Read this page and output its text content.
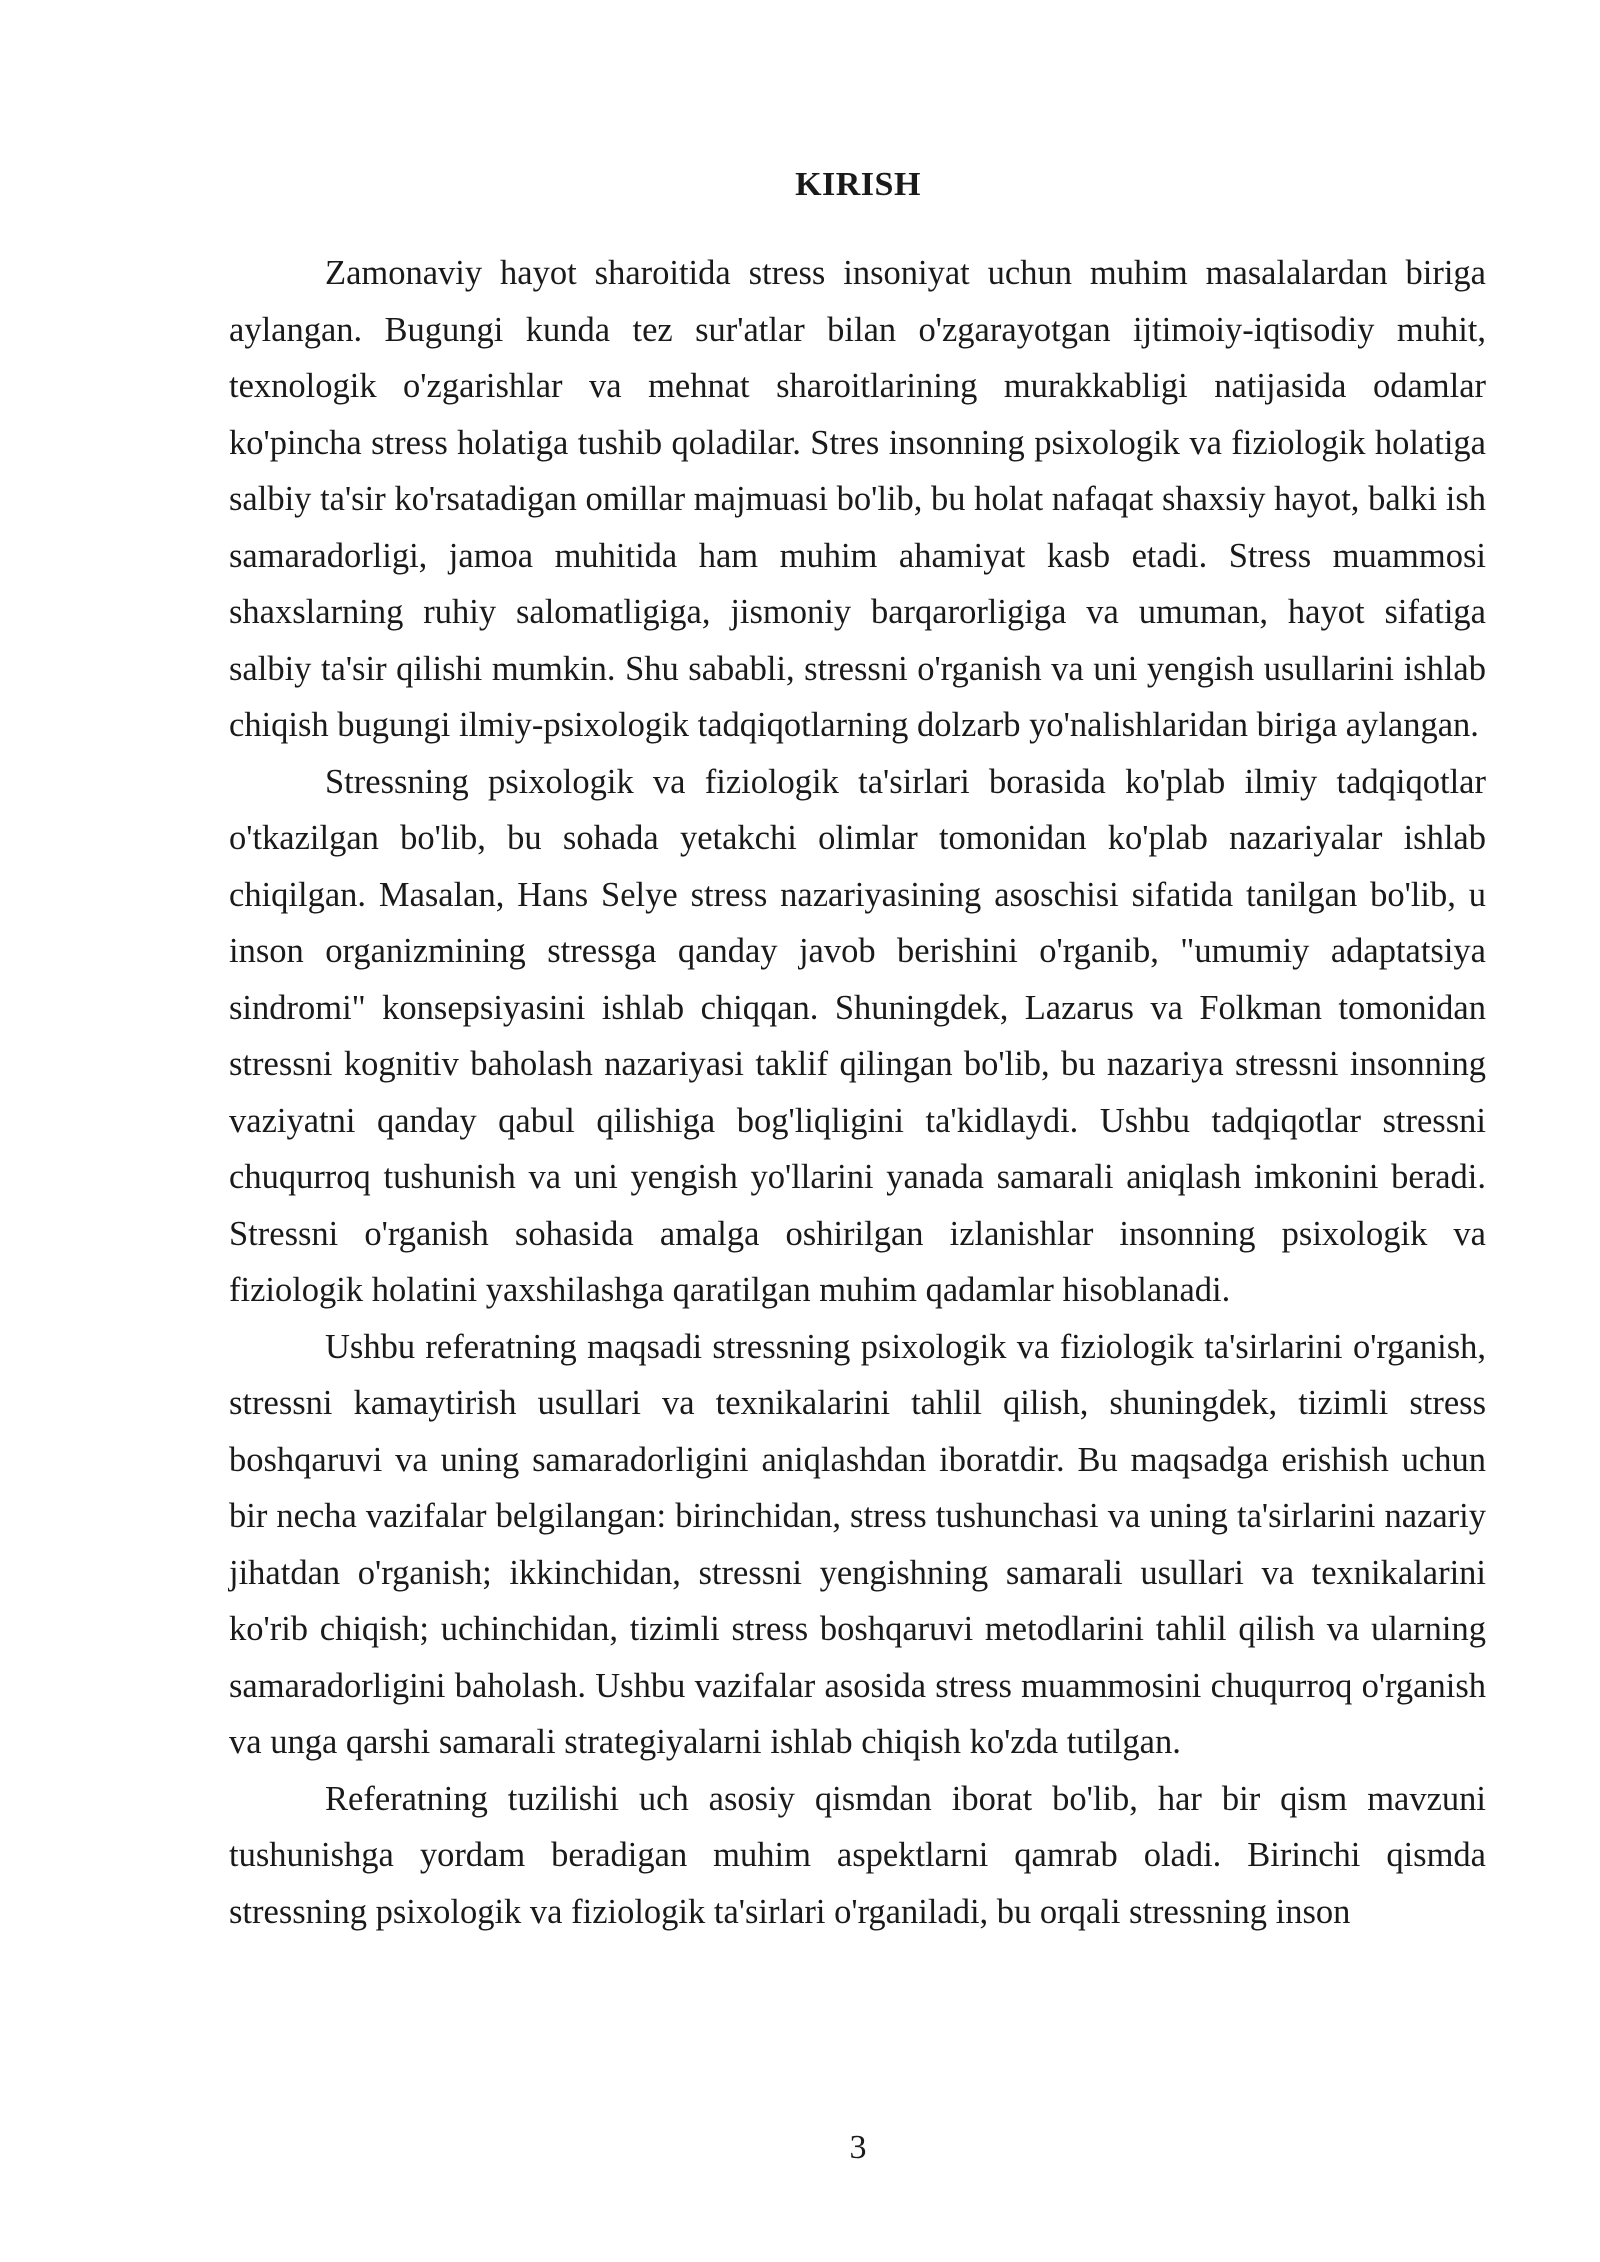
KIRISH

Zamonaviy hayot sharoitida stress insoniyat uchun muhim masalalardan biriga aylangan. Bugungi kunda tez sur'atlar bilan o'zgarayotgan ijtimoiy-iqtisodiy muhit, texnologik o'zgarishlar va mehnat sharoitlarining murakkabligi natijasida odamlar ko'pincha stress holatiga tushib qoladilar. Stres insonning psixologik va fiziologik holatiga salbiy ta'sir ko'rsatadigan omillar majmuasi bo'lib, bu holat nafaqat shaxsiy hayot, balki ish samaradorligi, jamoa muhitida ham muhim ahamiyat kasb etadi. Stress muammosi shaxslarning ruhiy salomatligiga, jismoniy barqarorligiga va umuman, hayot sifatiga salbiy ta'sir qilishi mumkin. Shu sababli, stressni o'rganish va uni yengish usullarini ishlab chiqish bugungi ilmiy-psixologik tadqiqotlarning dolzarb yo'nalishlaridan biriga aylangan.

Stressning psixologik va fiziologik ta'sirlari borasida ko'plab ilmiy tadqiqotlar o'tkazilgan bo'lib, bu sohada yetakchi olimlar tomonidan ko'plab nazariyalar ishlab chiqilgan. Masalan, Hans Selye stress nazariyasining asoschisi sifatida tanilgan bo'lib, u inson organizmining stressga qanday javob berishini o'rganib, "umumiy adaptatsiya sindromi" konsepsiyasini ishlab chiqqan. Shuningdek, Lazarus va Folkman tomonidan stressni kognitiv baholash nazariyasi taklif qilingan bo'lib, bu nazariya stressni insonning vaziyatni qanday qabul qilishiga bog'liqligini ta'kidlaydi. Ushbu tadqiqotlar stressni chuqurroq tushunish va uni yengish yo'llarini yanada samarali aniqlash imkonini beradi. Stressni o'rganish sohasida amalga oshirilgan izlanishlar insonning psixologik va fiziologik holatini yaxshilashga qaratilgan muhim qadamlar hisoblanadi.

Ushbu referatning maqsadi stressning psixologik va fiziologik ta'sirlarini o'rganish, stressni kamaytirish usullari va texnikalarini tahlil qilish, shuningdek, tizimli stress boshqaruvi va uning samaradorligini aniqlashdan iboratdir. Bu maqsadga erishish uchun bir necha vazifalar belgilangan: birinchidan, stress tushunchasi va uning ta'sirlarini nazariy jihatdan o'rganish; ikkinchidan, stressni yengishning samarali usullari va texnikalarini ko'rib chiqish; uchinchidan, tizimli stress boshqaruvi metodlarini tahlil qilish va ularning samaradorligini baholash. Ushbu vazifalar asosida stress muammosini chuqurroq o'rganish va unga qarshi samarali strategiyalarni ishlab chiqish ko'zda tutilgan.

Referatning tuzilishi uch asosiy qismdan iborat bo'lib, har bir qism mavzuni tushunishga yordam beradigan muhim aspektlarni qamrab oladi. Birinchi qismda stressning psixologik va fiziologik ta'sirlari o'rganiladi, bu orqali stressning inson

3
